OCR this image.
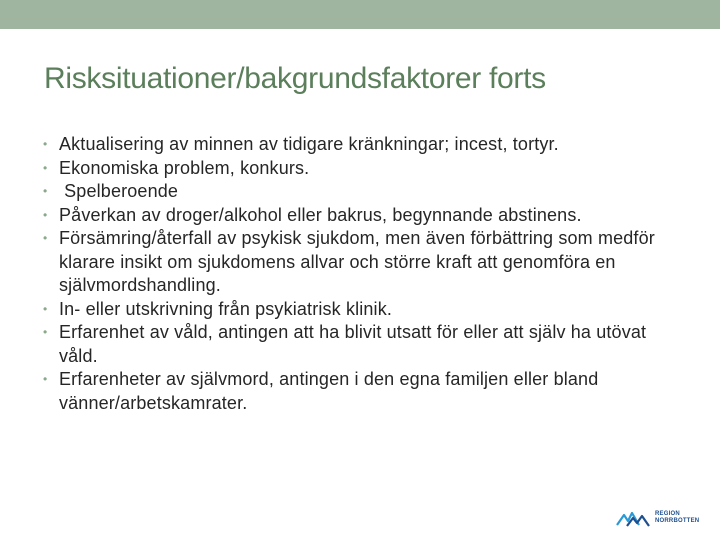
Risksituationer/bakgrundsfaktorer forts
• Aktualisering av minnen av tidigare kränkningar; incest, tortyr.
• Ekonomiska problem, konkurs.
• Spelberoende
• Påverkan av droger/alkohol eller bakrus, begynnande abstinens.
• Försämring/återfall av psykisk sjukdom, men även förbättring som medför klarare insikt om sjukdomens allvar och större kraft att genomföra en självmordshandling.
• In- eller utskrivning från psykiatrisk klinik.
• Erfarenhet av våld, antingen att ha blivit utsatt för eller att själv ha utövat våld.
• Erfarenheter av självmord, antingen i den egna familjen eller bland vänner/arbetskamrater.
REGION
NORRBOTTEN
